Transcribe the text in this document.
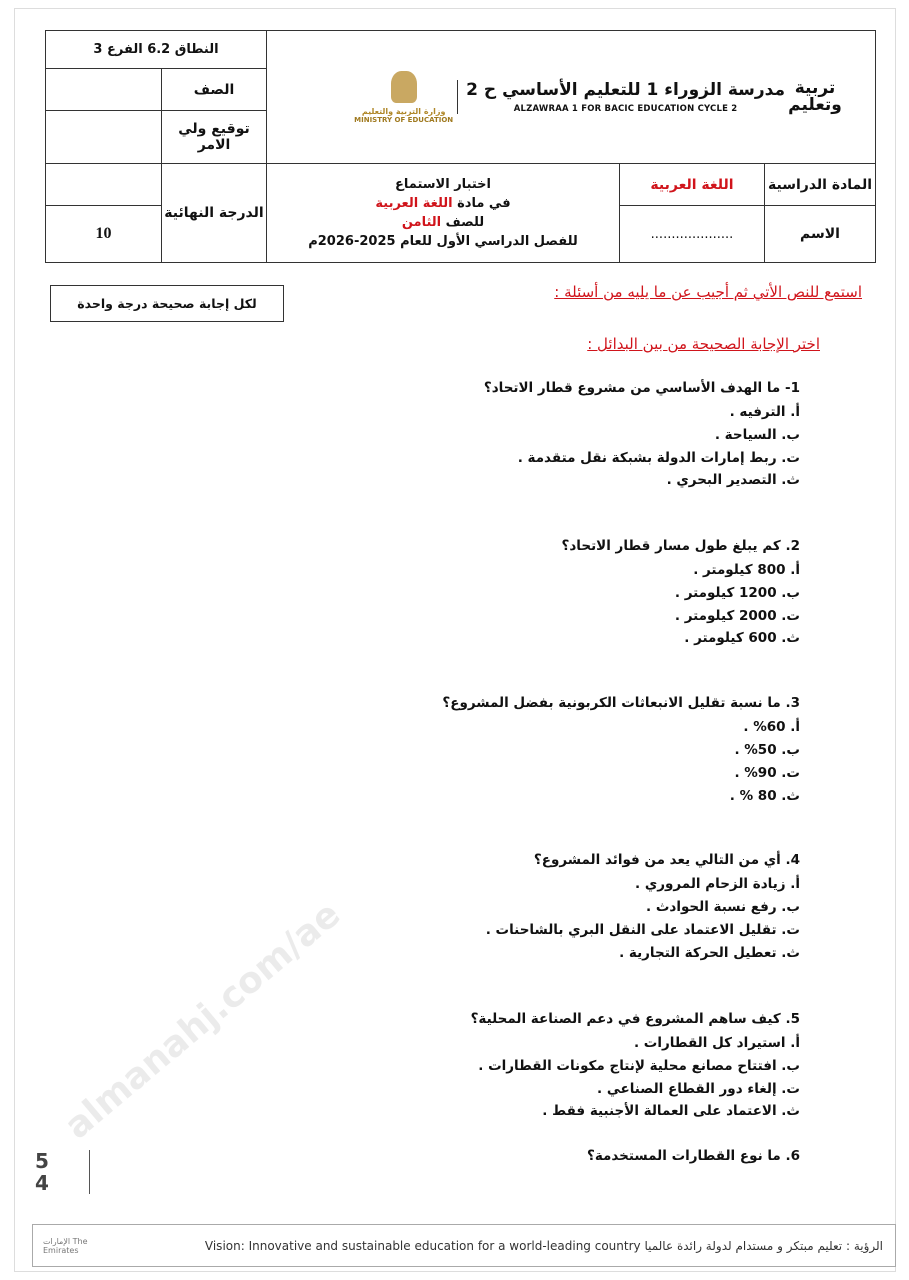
almanahj.com/ae
النطاق 6.2 الفرع 3		تربية وتعليم
مدرسة الزوراء 1 للتعليم الأساسي ح 2
ALZAWRAA 1 FOR BACIC EDUCATION CYCLE 2
وزارة التربية والتعليم
MINISTRY OF EDUCATION		

	الصف			
	توقيع ولي الامر			
	الدرجة النهائية	اختبار الاستماع
في مادة اللغة العربية
للصف الثامن
للفصل الدراسي الأول للعام 2025-2026م	اللغة العربية	المادة الدراسية
10			....................	الاسم
استمع للنص الأتي ثم أجيب عن ما يليه من أسئلة :
لكل إجابة صحيحة درجة واحدة
اختر الإجابة الصحيحة من بين البدائل :
1- ما الهدف الأساسي من مشروع قطار الاتحاد؟
أ. الترفيه .
ب. السياحة .
ت. ربط إمارات الدولة بشبكة نقل متقدمة .
ث. التصدير البحري .
2. كم يبلغ طول مسار قطار الاتحاد؟
أ. 800 كيلومتر .
ب. 1200 كيلومتر .
ت. 2000 كيلومتر .
ث. 600 كيلومتر .
3. ما نسبة تقليل الانبعاثات الكربونية بفضل المشروع؟
أ. 60% .
ب. 50% .
ت. 90% .
ث. 80 % .
4. أي من التالي يعد من فوائد المشروع؟
أ. زيادة الزحام المروري .
ب. رفع نسبة الحوادث .
ت. تقليل الاعتماد على النقل البري بالشاحنات .
ث. تعطيل الحركة التجارية .
5. كيف ساهم المشروع في دعم الصناعة المحلية؟
أ. استيراد كل القطارات .
ب. افتتاح مصانع محلية لإنتاج مكونات القطارات .
ت. إلغاء دور القطاع الصناعي .
ث. الاعتماد على العمالة الأجنبية فقط .
6. ما نوع القطارات المستخدمة؟
5
4
الإمارات The Emirates	الرؤية : تعليم مبتكر و مستدام لدولة رائدة عالميا Vision: Innovative and sustainable education for a world-leading country
